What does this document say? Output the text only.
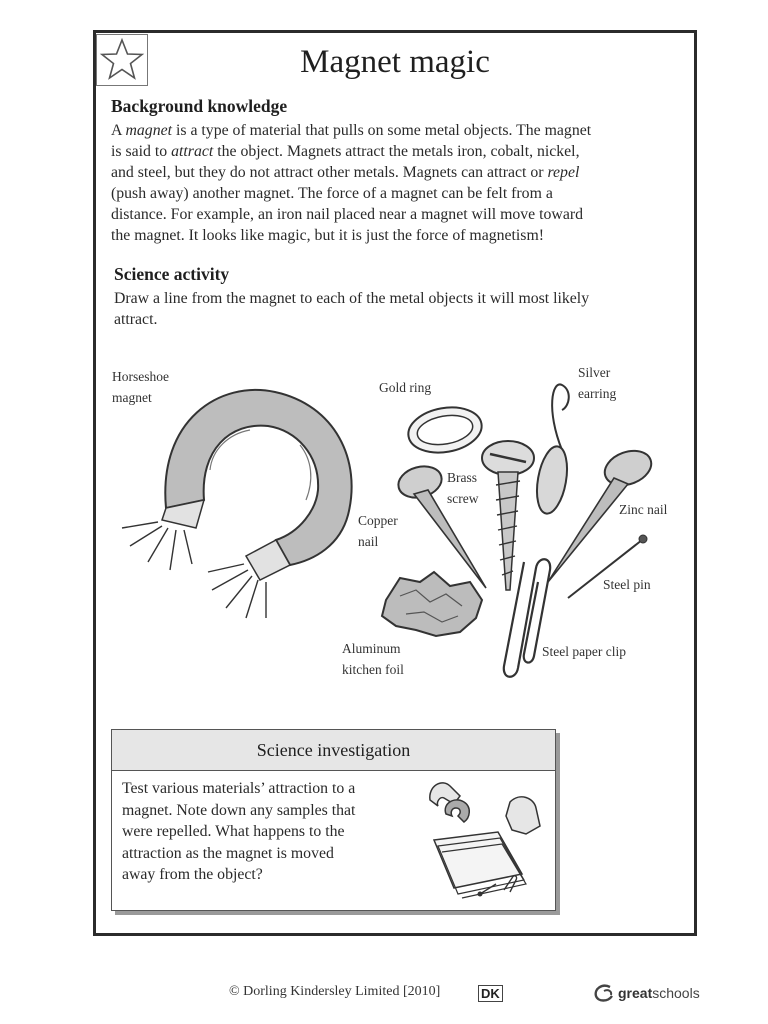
Magnet magic
Background knowledge
A magnet is a type of material that pulls on some metal objects. The magnet
is said to attract the object. Magnets attract the metals iron, cobalt, nickel,
and steel, but they do not attract other metals. Magnets can attract or repel
(push away) another magnet. The force of a magnet can be felt from a
distance. For example, an iron nail placed near a magnet will move toward
the magnet. It looks like magic, but it is just the force of magnetism!
Science activity
Draw a line from the magnet to each of the metal objects it will most likely
attract.
Horseshoe
magnet
Gold ring
Silver
earring
Brass
screw
Copper
nail
Zinc nail
Steel pin
Aluminum
kitchen foil
Steel paper clip
Science investigation
Test various materials’ attraction to a
magnet. Note down any samples that
were repelled. What happens to the
attraction as the magnet is moved
away from the object?
© Dorling Kindersley Limited [2010]	DK	greatschools
